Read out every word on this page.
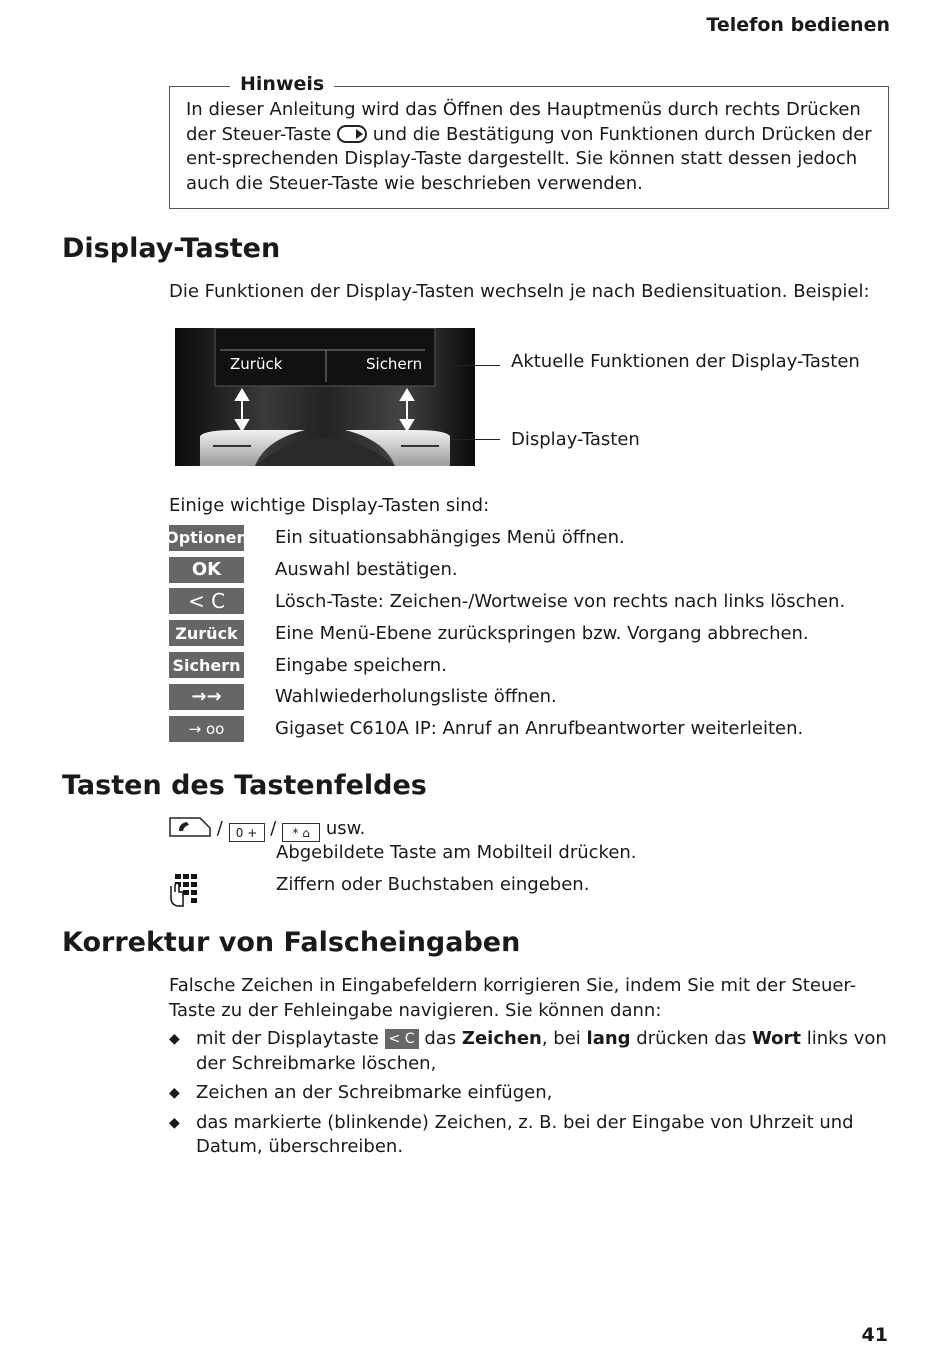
Telefon bedienen
Hinweis
In dieser Anleitung wird das Öffnen des Hauptmenüs durch rechts Drücken der Steuer-Taste und die Bestätigung von Funktionen durch Drücken der ent-sprechenden Display-Taste dargestellt. Sie können statt dessen jedoch auch die Steuer-Taste wie beschrieben verwenden.
Display-Tasten
Die Funktionen der Display-Tasten wechseln je nach Bediensituation. Beispiel:
Zurück	Sichern	Aktuelle Funktionen der Display-Tasten
Display-Tasten
Einige wichtige Display-Tasten sind:
Optionen Ein situationsabhängiges Menü öffnen.
OK	Auswahl bestätigen.
< C	Lösch-Taste: Zeichen-/Wortweise von rechts nach links löschen.
Zurück	Eine Menü-Ebene zurückspringen bzw. Vorgang abbrechen.
Sichern Eingabe speichern.
→→	Wahlwiederholungsliste öffnen.
→ oo	Gigaset C610A IP: Anruf an Anrufbeantworter weiterleiten.
Tasten des Tastenfeldes
/ 0 + / * ⌂ usw.
Abgebildete Taste am Mobilteil drücken.
Ziffern oder Buchstaben eingeben.
Korrektur von Falscheingaben
Falsche Zeichen in Eingabefeldern korrigieren Sie, indem Sie mit der Steuer-Taste zu der Fehleingabe navigieren. Sie können dann:
◆ mit der Displaytaste < C das Zeichen, bei lang drücken das Wort links von der Schreibmarke löschen,
◆ Zeichen an der Schreibmarke einfügen,
◆ das markierte (blinkende) Zeichen, z. B. bei der Eingabe von Uhrzeit und Datum, überschreiben.
41
